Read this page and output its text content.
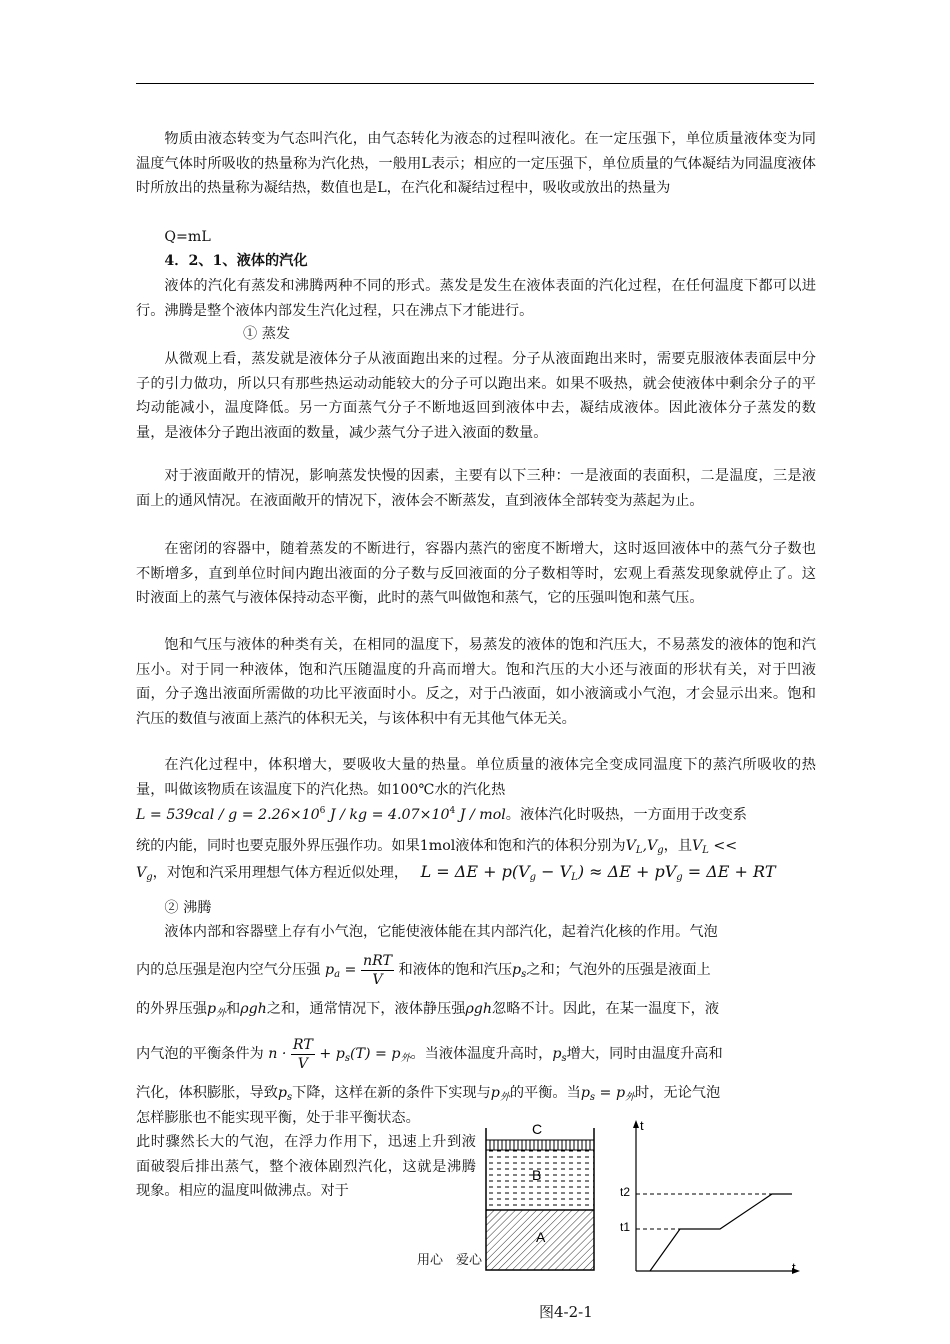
物质由液态转变为气态叫汽化，由气态转化为液态的过程叫液化。在一定压强下，单位质量液体变为同温度气体时所吸收的热量称为汽化热，一般用L表示；相应的一定压强下，单位质量的气体凝结为同温度液体时所放出的热量称为凝结热，数值也是L，在汽化和凝结过程中，吸收或放出的热量为
Q=mL
4．2、1、液体的汽化
液体的汽化有蒸发和沸腾两种不同的形式。蒸发是发生在液体表面的汽化过程，在任何温度下都可以进行。沸腾是整个液体内部发生汽化过程，只在沸点下才能进行。
① 蒸发
从微观上看，蒸发就是液体分子从液面跑出来的过程。分子从液面跑出来时，需要克服液体表面层中分子的引力做功，所以只有那些热运动动能较大的分子可以跑出来。如果不吸热，就会使液体中剩余分子的平均动能减小，温度降低。另一方面蒸气分子不断地返回到液体中去，凝结成液体。因此液体分子蒸发的数量，是液体分子跑出液面的数量，减少蒸气分子进入液面的数量。
对于液面敞开的情况，影响蒸发快慢的因素，主要有以下三种：一是液面的表面积，二是温度，三是液面上的通风情况。在液面敞开的情况下，液体会不断蒸发，直到液体全部转变为蒸起为止。
在密闭的容器中，随着蒸发的不断进行，容器内蒸汽的密度不断增大，这时返回液体中的蒸气分子数也不断增多，直到单位时间内跑出液面的分子数与反回液面的分子数相等时，宏观上看蒸发现象就停止了。这时液面上的蒸气与液体保持动态平衡，此时的蒸气叫做饱和蒸气，它的压强叫饱和蒸气压。
饱和气压与液体的种类有关，在相同的温度下，易蒸发的液体的饱和汽压大，不易蒸发的液体的饱和汽压小。对于同一种液体，饱和汽压随温度的升高而增大。饱和汽压的大小还与液面的形状有关，对于凹液面，分子逸出液面所需做的功比平液面时小。反之，对于凸液面，如小液滴或小气泡，才会显示出来。饱和汽压的数值与液面上蒸汽的体积无关，与该体积中有无其他气体无关。
在汽化过程中，体积增大，要吸收大量的热量。单位质量的液体完全变成同温度下的蒸汽所吸收的热量，叫做该物质在该温度下的汽化热。如100℃水的汽化热
$L = 539cal / g = 2.26\times 10^6$ J / kg = $4.07\times 10^4$ J / mol。液体汽化时吸热，一方面用于改变系
统的内能，同时也要克服外界压强作功。如果1mol液体和饱和汽的体积分别为$V_L,V_g$，且$V_L$ <<
$V_g$，对饱和汽采用理想气体方程近似处理， $L = \Delta E + p(V_g - V_L) \approx \Delta E + pV_g = \Delta E$ + RT
② 沸腾
液体内部和容器壁上存有小气泡，它能使液体能在其内部汽化，起着汽化核的作用。气泡
内的总压强是泡内空气分压强 $p_a = \frac{\text{nRT}}{V}$ 和液体的饱和汽压$p_s$之和；气泡外的压强是液面上
的外界压强$p_外$和ρgh之和，通常情况下，液体静压强ρgh忽略不计。因此，在某一温度下，液
内气泡的平衡条件为 $n \cdot \frac{RT}{V} + p_s(T) = p_外$。当液体温度升高时，$p_s$增大，同时由温度升高和
汽化，体积膨胀，导致$p_s$下降，这样在新的条件下实现与$p_外$的平衡。当$p_s = p_外$时，无论气泡
怎样膨胀也不能实现平衡，处于非平衡状态。
此时骤然长大的气泡，在浮力作用下，迅速上升到液面破裂后排出蒸气，整个液体剧烈汽化，这就是沸腾现象。相应的温度叫做沸点。对于
C
B
A
t
t
t2
t1
用心　爱心
图4-2-1
